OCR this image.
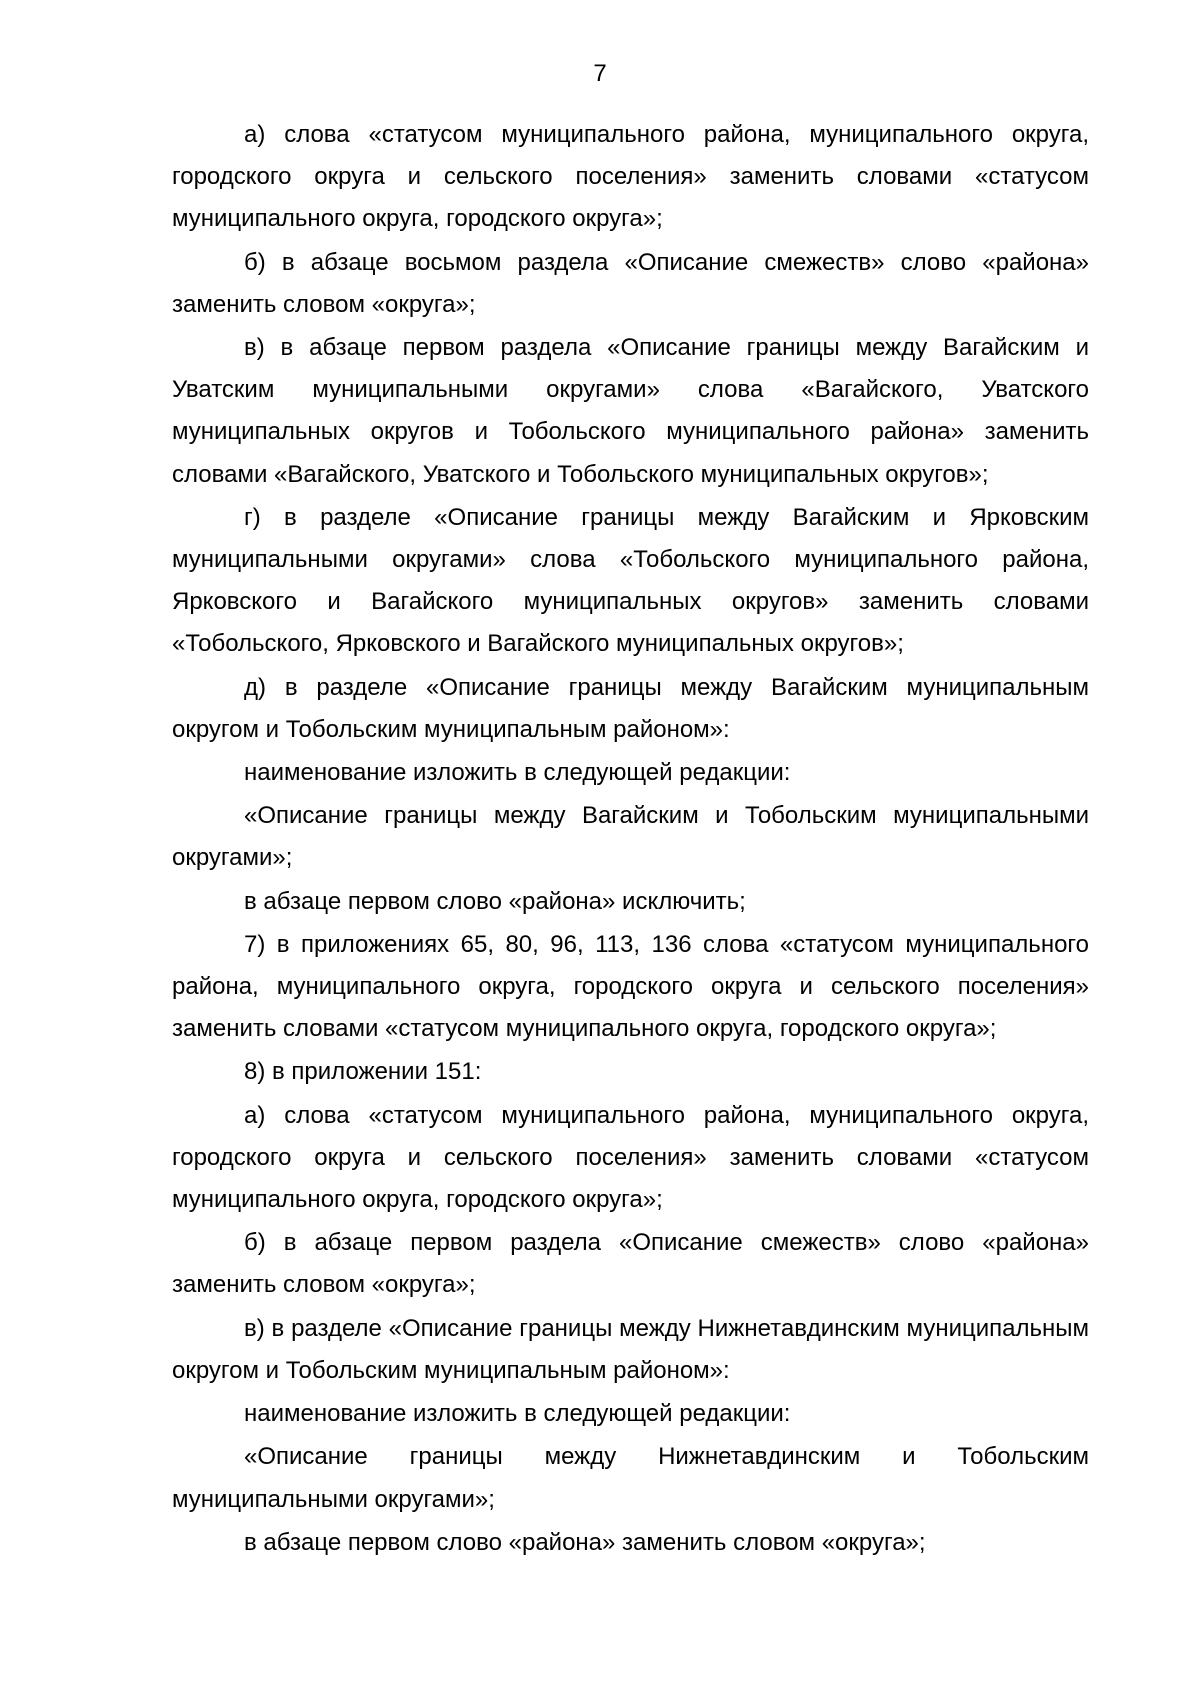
7

а) слова «статусом муниципального района, муниципального округа, городского округа и сельского поселения» заменить словами «статусом муниципального округа, городского округа»;

б) в абзаце восьмом раздела «Описание смежеств» слово «района» заменить словом «округа»;

в) в абзаце первом раздела «Описание границы между Вагайским и Уватским муниципальными округами» слова «Вагайского, Уватского муниципальных округов и Тобольского муниципального района» заменить словами «Вагайского, Уватского и Тобольского муниципальных округов»;

г) в разделе «Описание границы между Вагайским и Ярковским муниципальными округами» слова «Тобольского муниципального района, Ярковского и Вагайского муниципальных округов» заменить словами «Тобольского, Ярковского и Вагайского муниципальных округов»;

д) в разделе «Описание границы между Вагайским муниципальным округом и Тобольским муниципальным районом»:

наименование изложить в следующей редакции:

«Описание границы между Вагайским и Тобольским муниципальными округами»;

в абзаце первом слово «района» исключить;

7) в приложениях 65, 80, 96, 113, 136 слова «статусом муниципального района, муниципального округа, городского округа и сельского поселения» заменить словами «статусом муниципального округа, городского округа»;

8) в приложении 151:

а) слова «статусом муниципального района, муниципального округа, городского округа и сельского поселения» заменить словами «статусом муниципального округа, городского округа»;

б) в абзаце первом раздела «Описание смежеств» слово «района» заменить словом «округа»;

в) в разделе «Описание границы между Нижнетавдинским муниципальным округом и Тобольским муниципальным районом»:

наименование изложить в следующей редакции:

«Описание границы между Нижнетавдинским и Тобольским муниципальными округами»;

в абзаце первом слово «района» заменить словом «округа»;
